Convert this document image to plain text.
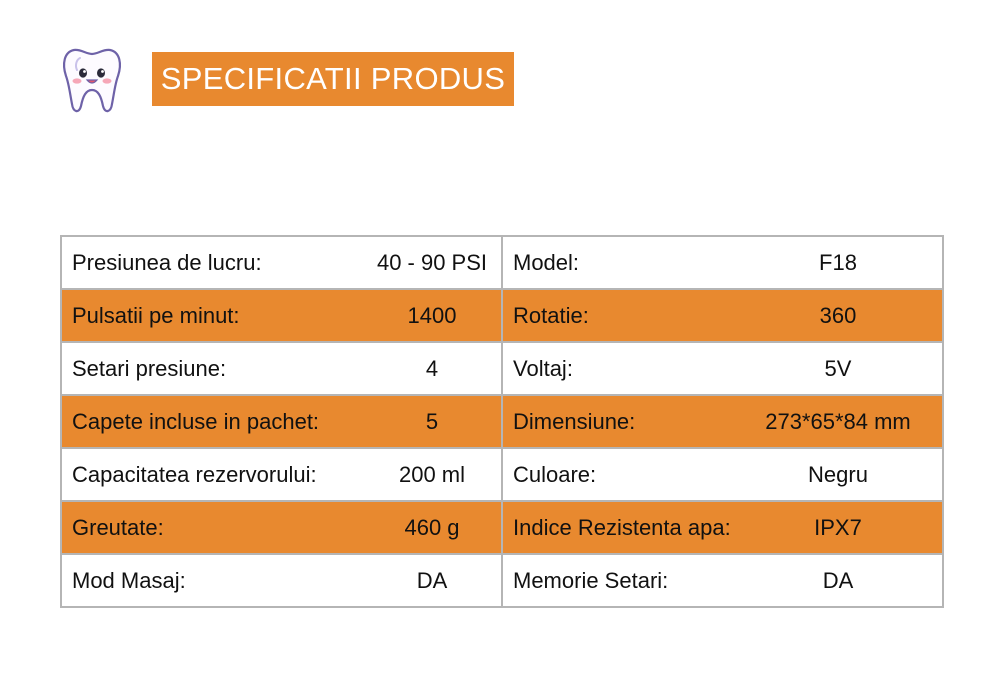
SPECIFICATII PRODUS
Presiunea de lucru: 40 - 90 PSI	Model: F18

Pulsatii pe minut: 1400	Rotatie: 360

Setari presiune: 4	Voltaj: 5V

Capete incluse in pachet: 5	Dimensiune: 273*65*84 mm

Capacitatea rezervorului: 200 ml	Culoare: Negru

Greutate: 460 g	Indice Rezistenta apa: IPX7

Mod Masaj: DA	Memorie Setari: DA
